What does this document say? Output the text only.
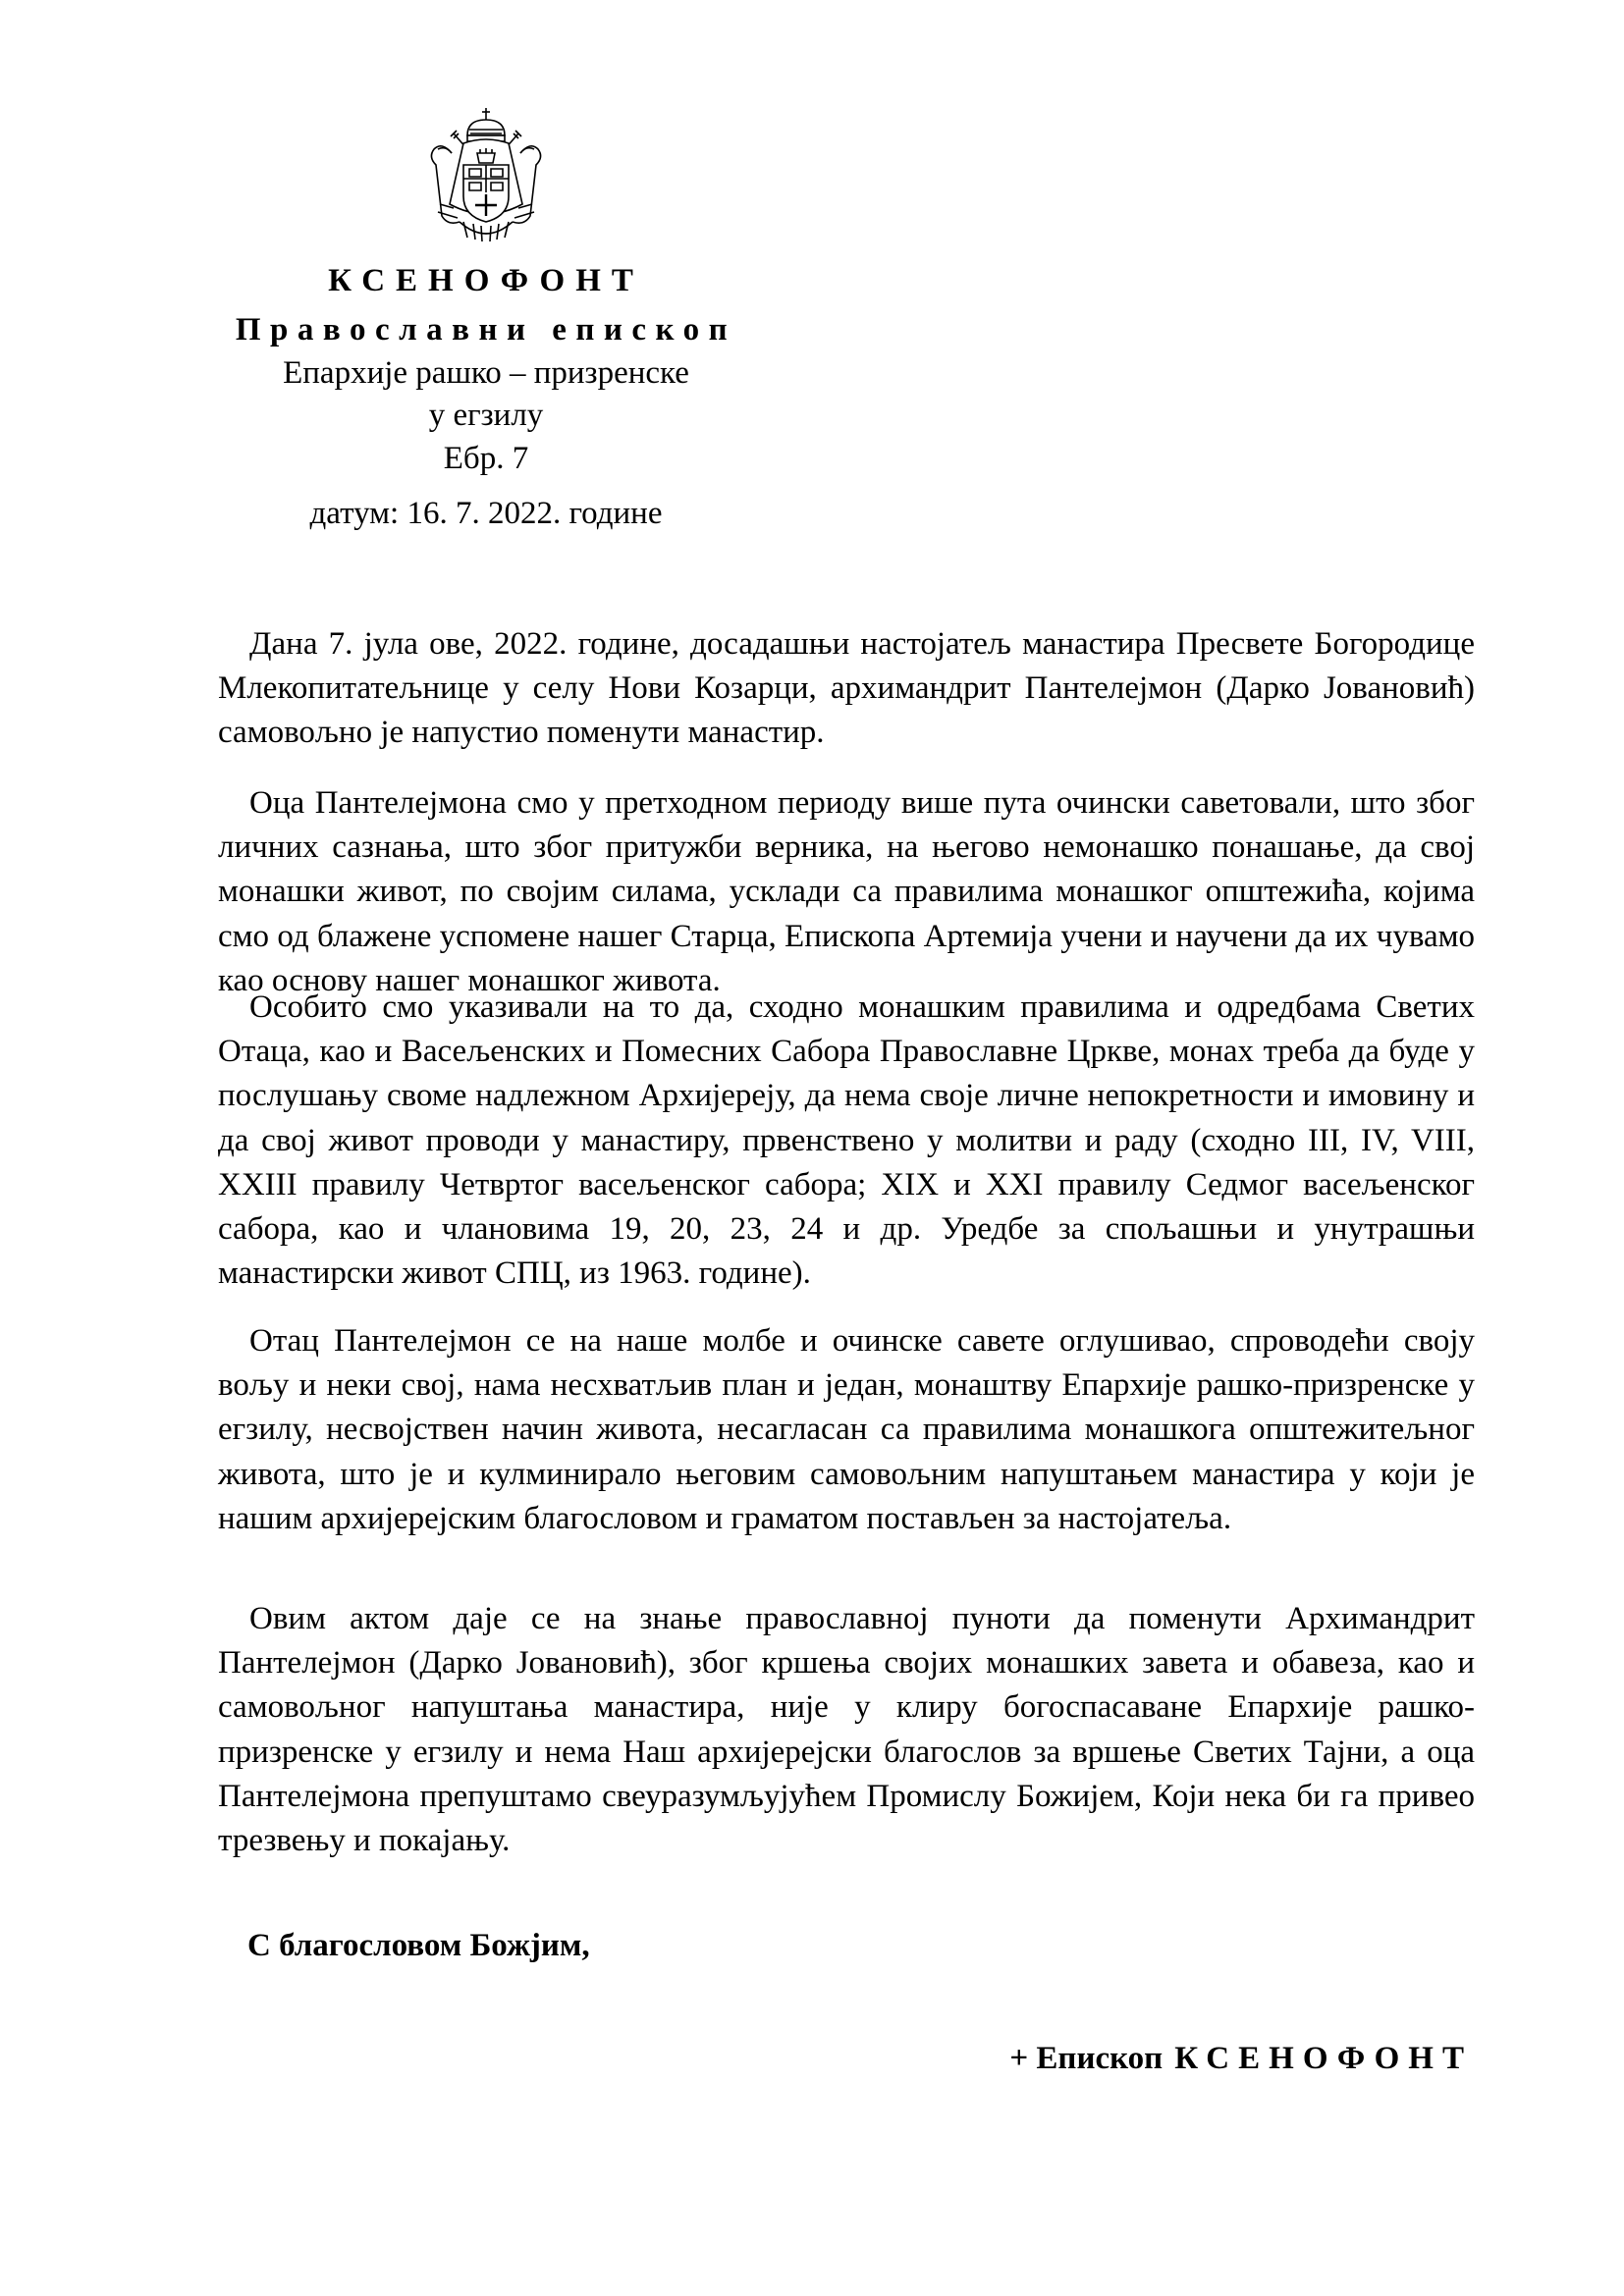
КСЕНОФОНТ
Православни епископ
Епархије рашко – призренске
у егзилу
Ебр. 7
датум: 16. 7. 2022. године

Дана 7. јула ове, 2022. године, досадашњи настојатељ манастира Пресвете Богородице Млекопитатељнице у селу Нови Козарци, архимандрит Пантелејмон (Дарко Јовановић) самовољно је напустио поменути манастир.

Оца Пантелејмона смо у претходном периоду више пута очински саветовали, што због личних сазнања, што због притужби верника, на његово немонашко понашање, да свој монашки живот, по својим силама, усклади са правилима монашког општежића, којима смо од блажене успомене нашег Старца, Епископа Артемија учени и научени да их чувамо као основу нашег монашког живота.

Особито смо указивали на то да, сходно монашким правилима и одредбама Светих Отаца, као и Васељенских и Помесних Сабора Православне Цркве, монах треба да буде у послушању своме надлежном Архијереју, да нема своје личне непокретности и имовину и да свој живот проводи у манастиру, првенствено у молитви и раду (сходно III, IV, VIII, XXIII правилу Четвртог васељенског сабора; XIX и XXI правилу Седмог васељенског сабора, као и члановима 19, 20, 23, 24 и др. Уредбе за спољашњи и унутрашњи манастирски живот СПЦ, из 1963. године).

Отац Пантелејмон се на наше молбе и очинске савете оглушивао, спроводећи своју вољу и неки свој, нама несхватљив план и један, монаштву Епархије рашко-призренске у егзилу, несвојствен начин живота, несагласан са правилима монашкога општежитељног живота, што је и кулминирало његовим самовољним напуштањем манастира у који је нашим архијерејским благословом и граматом постављен за настојатеља.

Овим актом даје се на знање православној пуноти да поменути Архимандрит Пантелејмон (Дарко Јовановић), због кршења својих монашких завета и обавеза, као и самовољног напуштања манастира, није у клиру богоспасаване Епархије рашко-призренске у егзилу и нема Наш архијерејски благослов за вршење Светих Тајни, а оца Пантелејмона препуштамо свеуразумљујућем Промислу Божијем, Који нека би га привео трезвењу и покајању.

С благословом Божјим,
+ Епископ КСЕНОФОНТ
